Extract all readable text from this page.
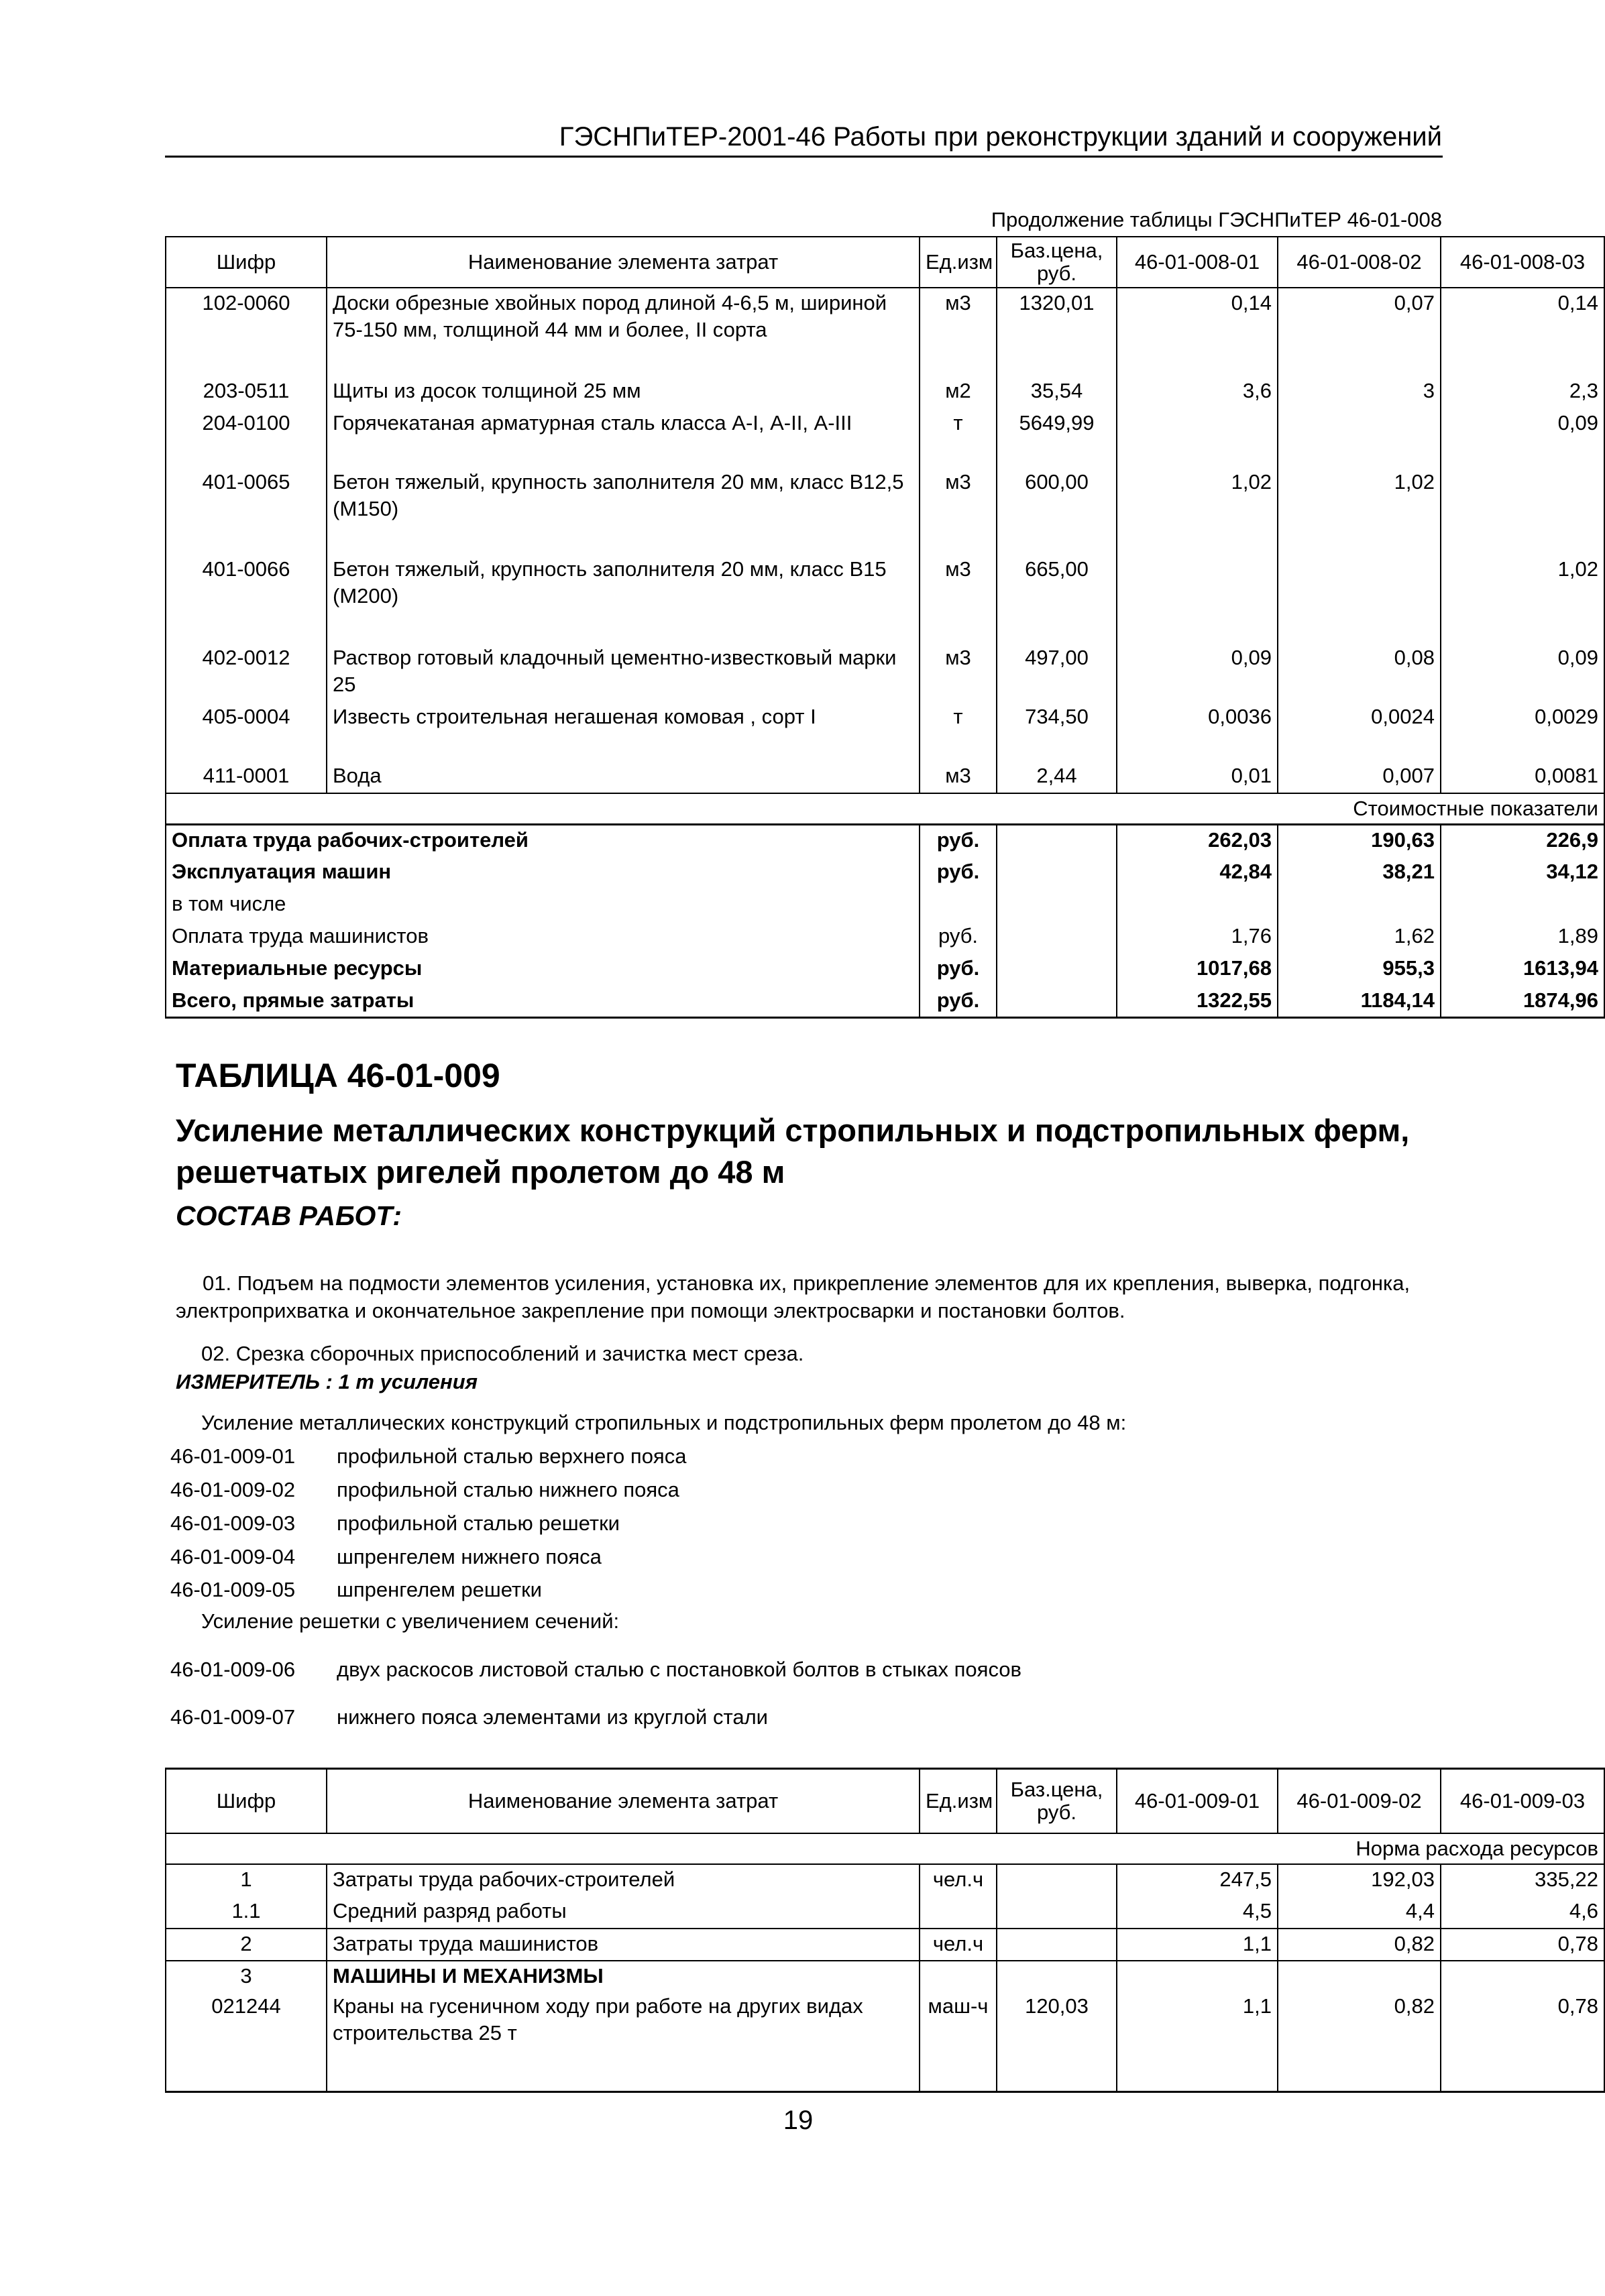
ГЭСНПиТЕР-2001-46 Работы при реконструкции зданий и сооружений
Продолжение таблицы ГЭСНПиТЕР 46-01-008
Шифр	Наименование элемента затрат	Ед.изм	Баз.цена, руб.	46-01-008-01	46-01-008-02	46-01-008-03
102-0060	Доски обрезные хвойных пород длиной 4-6,5 м, шириной 75-150 мм, толщиной 44 мм и более, II сорта	м3	1320,01	0,14	0,07	0,14
203-0511	Щиты из досок толщиной 25 мм	м2	35,54	3,6	3	2,3
204-0100	Горячекатаная арматурная сталь класса А-I, А-II, А-III	т	5649,99			0,09
401-0065	Бетон тяжелый, крупность заполнителя 20 мм, класс В12,5 (М150)	м3	600,00	1,02	1,02	
401-0066	Бетон тяжелый, крупность заполнителя 20 мм, класс В15 (М200)	м3	665,00			1,02
402-0012	Раствор готовый кладочный цементно-известковый марки 25	м3	497,00	0,09	0,08	0,09
405-0004	Известь строительная негашеная комовая , сорт I	т	734,50	0,0036	0,0024	0,0029
411-0001	Вода	м3	2,44	0,01	0,007	0,0081
Стоимостные показатели						
Оплата труда рабочих-строителей		руб.		262,03	190,63	226,9
Эксплуатация машин		руб.		42,84	38,21	34,12
в том числе						
Оплата труда машинистов		руб.		1,76	1,62	1,89
Материальные ресурсы		руб.		1017,68	955,3	1613,94
Всего, прямые затраты		руб.		1322,55	1184,14	1874,96
ТАБЛИЦА 46-01-009
Усиление металлических конструкций стропильных и подстропильных ферм, решетчатых ригелей пролетом до 48 м
СОСТАВ РАБОТ:
01. Подъем на подмости элементов усиления, установка их, прикрепление элементов для их крепления, выверка, подгонка, электроприхватка и окончательное закрепление при помощи электросварки и постановки болтов.
02. Срезка сборочных приспособлений и зачистка мест среза.
ИЗМЕРИТЕЛЬ : 1 т усиления
Усиление металлических конструкций стропильных и подстропильных ферм пролетом до 48 м:
46-01-009-01 профильной сталью верхнего пояса
46-01-009-02 профильной сталью нижнего пояса
46-01-009-03 профильной сталью решетки
46-01-009-04 шпренгелем нижнего пояса
46-01-009-05 шпренгелем решетки
Усиление решетки с увеличением сечений:
46-01-009-06 двух раскосов листовой сталью с постановкой болтов в стыках поясов
46-01-009-07 нижнего пояса элементами из круглой стали
Шифр	Наименование элемента затрат	Ед.изм	Баз.цена, руб.	46-01-009-01	46-01-009-02	46-01-009-03
Норма расхода ресурсов						
1	Затраты труда рабочих-строителей	чел.ч		247,5	192,03	335,22
1.1	Средний разряд работы			4,5	4,4	4,6
2	Затраты труда машинистов	чел.ч		1,1	0,82	0,78
3	МАШИНЫ И МЕХАНИЗМЫ					
021244	Краны на гусеничном ходу при работе на других видах строительства 25 т	маш-ч	120,03	1,1	0,82	0,78
19
